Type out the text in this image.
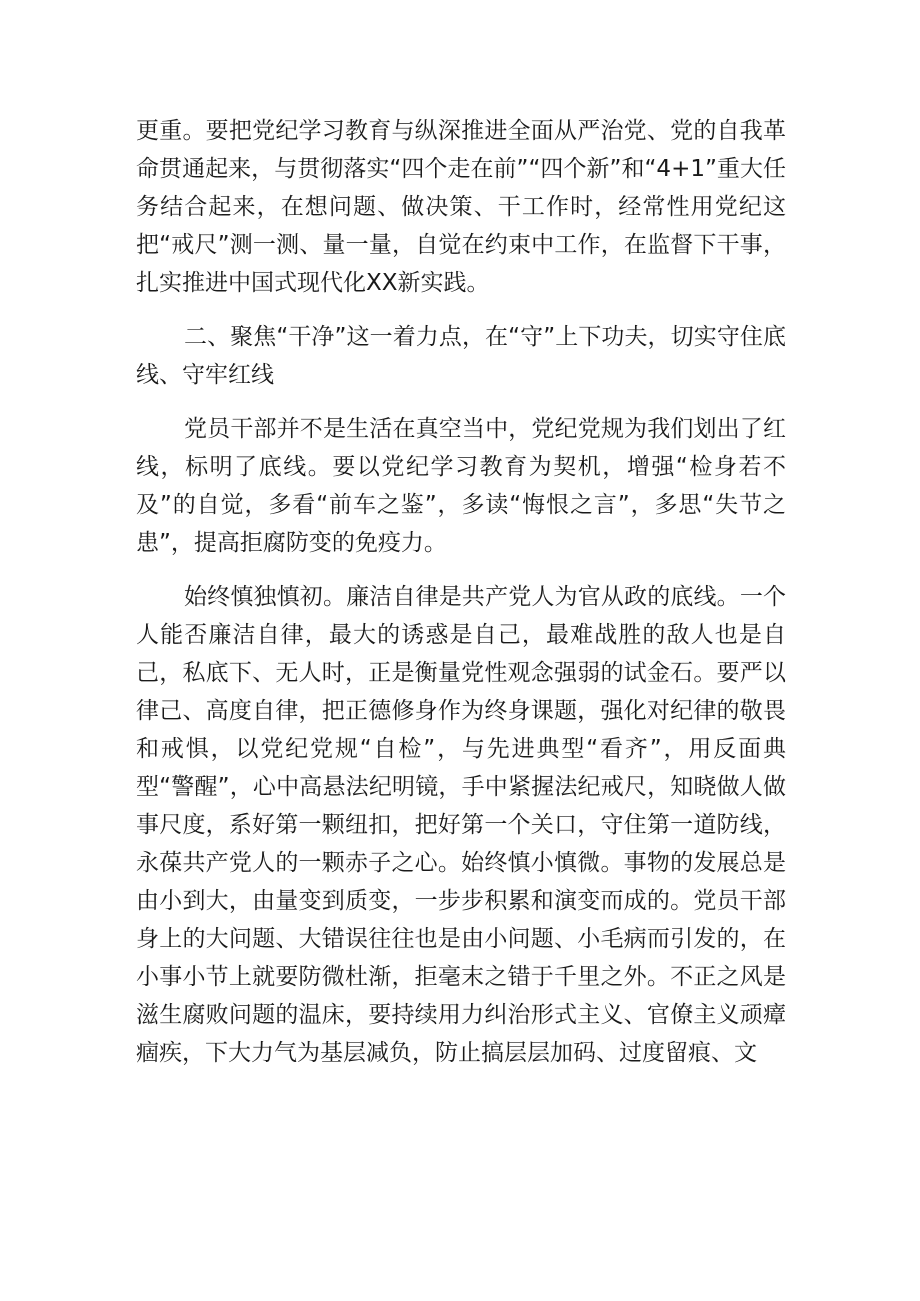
更重。要把党纪学习教育与纵深推进全面从严治党、党的自我革命贯通起来，与贯彻落实“四个走在前”“四个新”和“4+1”重大任务结合起来，在想问题、做决策、干工作时，经常性用党纪这把“戒尺”测一测、量一量，自觉在约束中工作，在监督下干事，扎实推进中国式现代化XX新实践。

二、聚焦“干净”这一着力点，在“守”上下功夫，切实守住底线、守牢红线

党员干部并不是生活在真空当中，党纪党规为我们划出了红线，标明了底线。要以党纪学习教育为契机，增强“检身若不及”的自觉，多看“前车之鉴”，多读“悔恨之言”，多思“失节之患”，提高拒腐防变的免疫力。

始终慎独慎初。廉洁自律是共产党人为官从政的底线。一个人能否廉洁自律，最大的诱惑是自己，最难战胜的敌人也是自己，私底下、无人时，正是衡量党性观念强弱的试金石。要严以律己、高度自律，把正德修身作为终身课题，强化对纪律的敬畏和戒惧，以党纪党规“自检”，与先进典型“看齐”，用反面典型“警醒”，心中高悬法纪明镜，手中紧握法纪戒尺，知晓做人做事尺度，系好第一颗纽扣，把好第一个关口，守住第一道防线，永葆共产党人的一颗赤子之心。始终慎小慎微。事物的发展总是由小到大，由量变到质变，一步步积累和演变而成的。党员干部身上的大问题、大错误往往也是由小问题、小毛病而引发的，在小事小节上就要防微杜渐，拒毫末之错于千里之外。不正之风是滋生腐败问题的温床，要持续用力纠治形式主义、官僚主义顽瘴痼疾，下大力气为基层减负，防止搞层层加码、过度留痕、文
